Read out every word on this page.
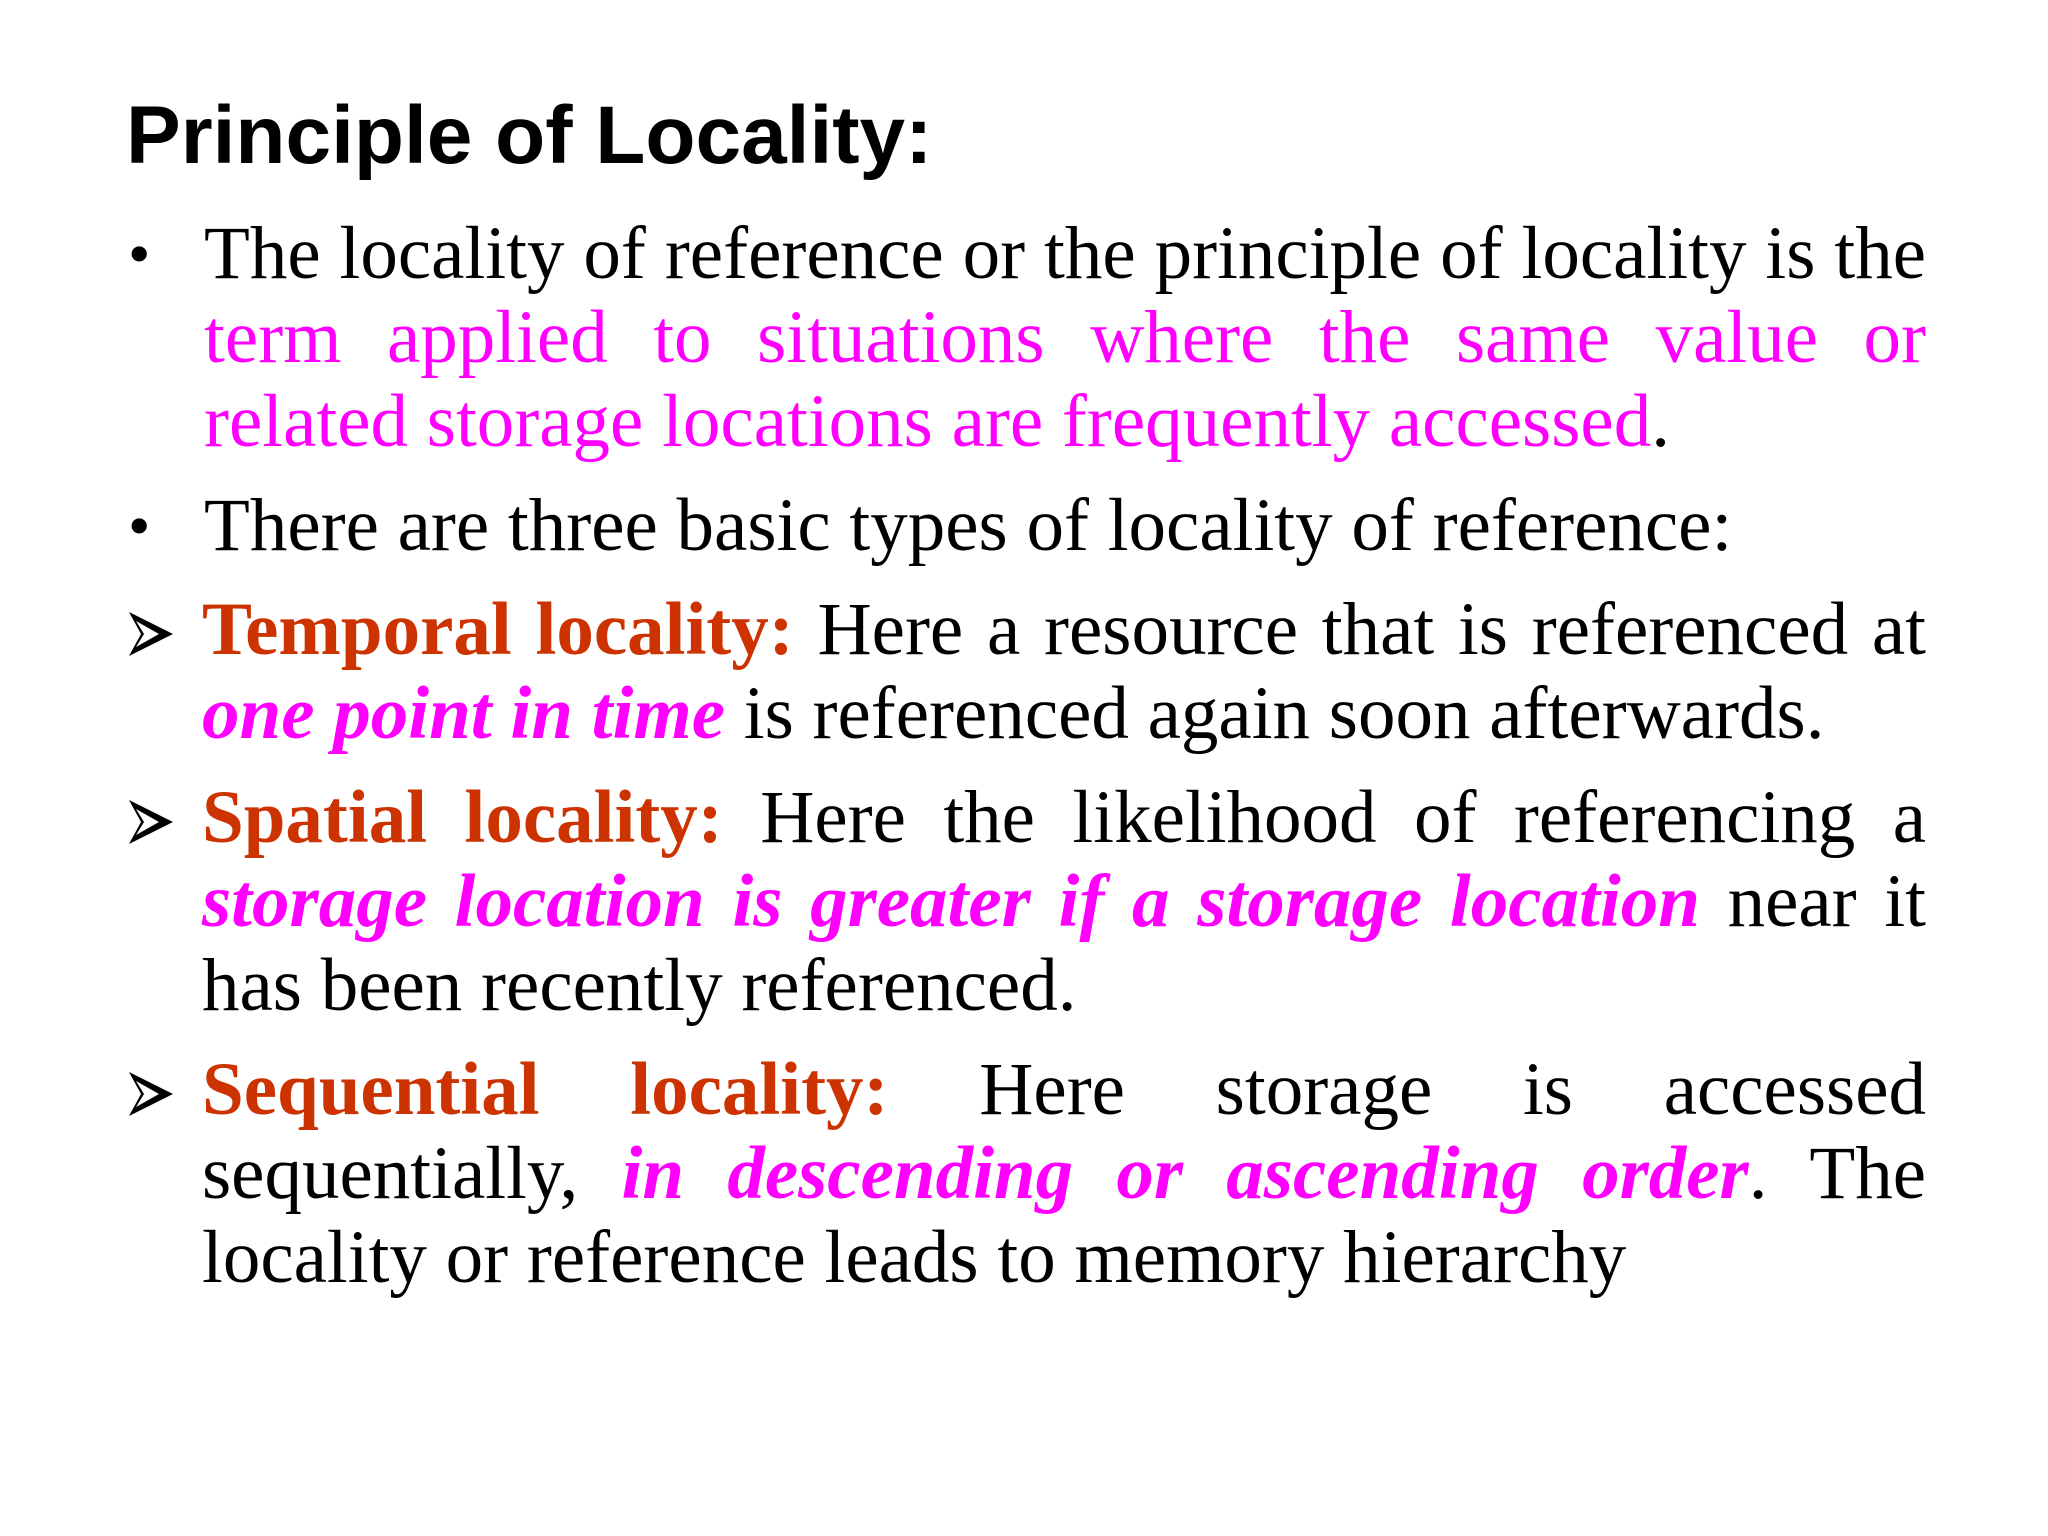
Principle of Locality:
• The locality of reference or the principle of locality is the term applied to situations where the same value or related storage locations are frequently accessed.
• There are three basic types of locality of reference:
Temporal locality: Here a resource that is referenced at one point in time is referenced again soon afterwards.
Spatial locality: Here the likelihood of referencing a storage location is greater if a storage location near it has been recently referenced.
Sequential locality: Here storage is accessed sequentially, in descending or ascending order. The locality or reference leads to memory hierarchy
